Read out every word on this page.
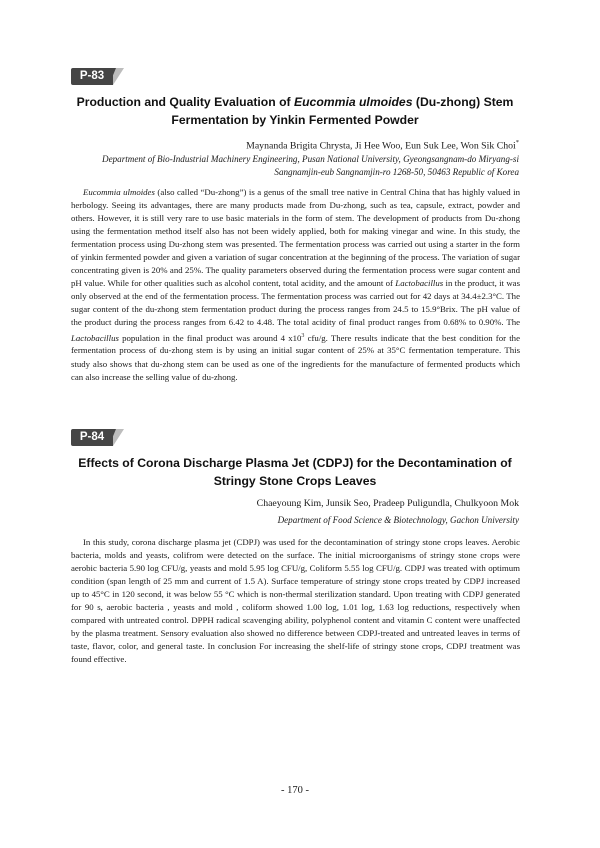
P-83
Production and Quality Evaluation of Eucommia ulmoides (Du-zhong) Stem Fermentation by Yinkin Fermented Powder

Maynanda Brigita Chrysta, Ji Hee Woo, Eun Suk Lee, Won Sik Choi*

Department of Bio-Industrial Machinery Engineering, Pusan National University, Gyeongsangnam-do Miryang-si
Sangnamjin-eub Sangnamjin-ro 1268-50, 50463 Republic of Korea

Eucommia ulmoides (also called “Du-zhong”) is a genus of the small tree native in Central China that has highly valued in herbology. Seeing its advantages, there are many products made from Du-zhong, such as tea, capsule, extract, powder and others. However, it is still very rare to use basic materials in the form of stem. The development of products from Du-zhong using the fermentation method itself also has not been widely applied, both for making vinegar and wine. In this study, the fermentation process using Du-zhong stem was presented. The fermentation process was carried out using a starter in the form of yinkin fermented powder and given a variation of sugar concentration at the beginning of the process. The variation of sugar concentrating given is 20% and 25%. The quality parameters observed during the fermentation process were sugar content and pH value. While for other qualities such as alcohol content, total acidity, and the amount of Lactobacillus in the product, it was only observed at the end of the fermentation process. The fermentation process was carried out for 42 days at 34.4±2.3°C. The sugar content of the du-zhong stem fermentation product during the process ranges from 24.5 to 15.9°Brix. The pH value of the product during the process ranges from 6.42 to 4.48. The total acidity of final product ranges from 0.68% to 0.90%. The Lactobacillus population in the final product was around 4 $x10^3$ cfu/g. There results indicate that the best condition for the fermentation process of du-zhong stem is by using an initial sugar content of 25% at 35°C fermentation temperature. This study also shows that du-zhong stem can be used as one of the ingredients for the manufacture of fermented products which can also increase the selling value of du-zhong.

P-84
Effects of Corona Discharge Plasma Jet (CDPJ) for the Decontamination of Stringy Stone Crops Leaves

Chaeyoung Kim, Junsik Seo, Pradeep Puligundla, Chulkyoon Mok

Department of Food Science & Biotechnology, Gachon University

In this study, corona discharge plasma jet (CDPJ) was used for the decontamination of stringy stone crops leaves. Aerobic bacteria, molds and yeasts, colifrom were detected on the surface. The initial microorganisms of stringy stone crops were aerobic bacteria 5.90 log CFU/g, yeasts and mold 5.95 log CFU/g, Coliform 5.55 log CFU/g. CDPJ was treated with optimum condition (span length of 25 mm and current of 1.5 A). Surface temperature of stringy stone crops treated by CDPJ increased up to 45°C in 120 second, it was below 55 °C which is non-thermal sterilization standard. Upon treating with CDPJ generated for 90 s, aerobic bacteria , yeasts and mold , coliform showed 1.00 log, 1.01 log, 1.63 log reductions, respectively when compared with untreated control. DPPH radical scavenging ability, polyphenol content and vitamin C content were unaffected by the plasma treatment. Sensory evaluation also showed no difference between CDPJ-treated and untreated leaves in terms of taste, flavor, color, and general taste. In conclusion For increasing the shelf-life of stringy stone crops, CDPJ treatment was found effective.

- 170 -
